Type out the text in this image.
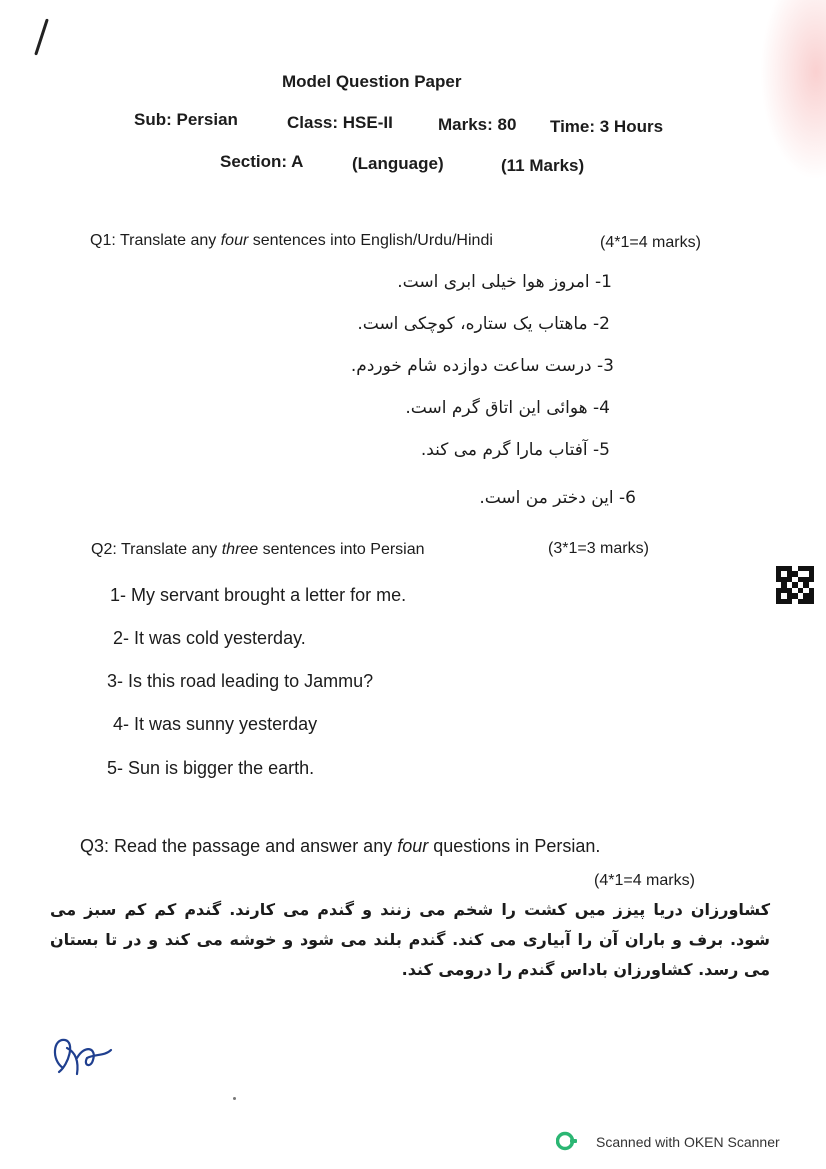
Model Question Paper
Sub: Persian	Class: HSE-II	Marks: 80 Time: 3 Hours
Section: A	(Language)	(11 Marks)
Q1: Translate any four sentences into English/Urdu/Hindi	(4*1=4 marks)
1- امروز هوا خیلی ابری است.
2- ماهتاب یک ستاره، کوچکی است.
3- درست ساعت دوازده شام خوردم.
4- هوائی این اتاق گرم است.
5- آفتاب مارا گرم می کند.
6- این دختر من است.
Q2: Translate any three sentences into Persian	(3*1=3 marks)
1- My servant brought a letter for me.
2- It was cold yesterday.
3- Is this road leading to Jammu?
4- It was sunny yesterday
5- Sun is bigger the earth.
Q3: Read the passage and answer any four questions in Persian.
(4*1=4 marks)
کشاورزان دریا پیزز میں کشت را شخم می زنند و گندم می کارند. گندم کم کم سبز می شود. برف و باران آن را آبیاری می کند. گندم بلند می شود و خوشه می کند و در تا بستان می رسد. کشاورزان باداس گندم را درومی کند.
Scanned with OKEN Scanner
